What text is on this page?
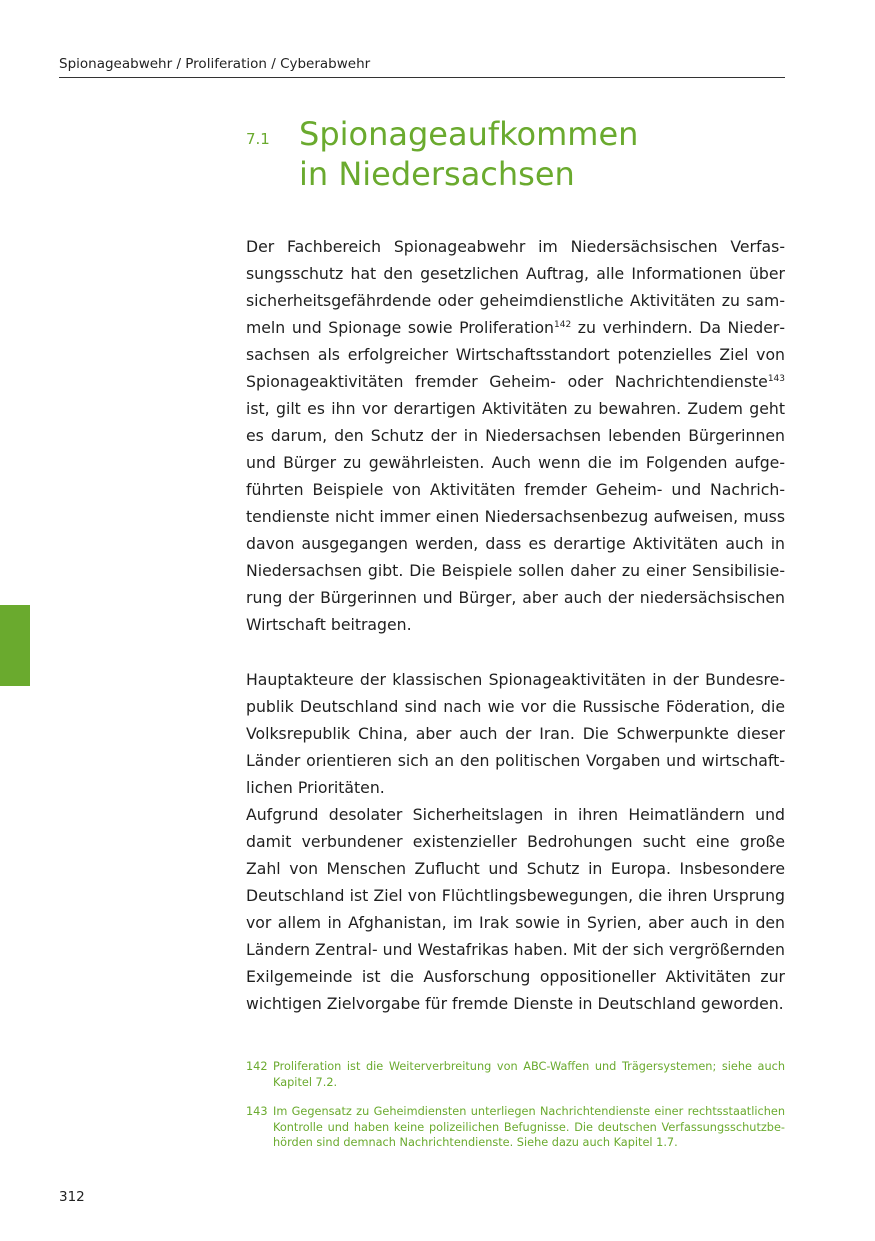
Spionageabwehr / Proliferation / Cyberabwehr
7.1 Spionageaufkommen
in Niedersachsen

Der Fachbereich Spionageabwehr im Niedersächsischen Verfassungsschutz hat den gesetzlichen Auftrag, alle Informationen über sicherheitsgefährdende oder geheimdienstliche Aktivitäten zu sammeln und Spionage sowie Proliferation$^{142}$ zu verhindern. Da Niedersachsen als erfolgreicher Wirtschaftsstandort potenzielles Ziel von Spionageaktivitäten fremder Geheim- oder Nachrichtendienste$^{143}$ ist, gilt es ihn vor derartigen Aktivitäten zu bewahren. Zudem geht es darum, den Schutz der in Niedersachsen lebenden Bürgerinnen und Bürger zu gewährleisten. Auch wenn die im Folgenden aufgeführten Beispiele von Aktivitäten fremder Geheim- und Nachrichtendienste nicht immer einen Niedersachsenbezug aufweisen, muss davon ausgegangen werden, dass es derartige Aktivitäten auch in Niedersachsen gibt. Die Beispiele sollen daher zu einer Sensibilisierung der Bürgerinnen und Bürger, aber auch der niedersächsischen Wirtschaft beitragen.

Hauptakteure der klassischen Spionageaktivitäten in der Bundesrepublik Deutschland sind nach wie vor die Russische Föderation, die Volksrepublik China, aber auch der Iran. Die Schwerpunkte dieser Länder orientieren sich an den politischen Vorgaben und wirtschaftlichen Prioritäten.

Aufgrund desolater Sicherheitslagen in ihren Heimatländern und damit verbundener existenzieller Bedrohungen sucht eine große Zahl von Menschen Zuflucht und Schutz in Europa. Insbesondere Deutschland ist Ziel von Flüchtlingsbewegungen, die ihren Ursprung vor allem in Afghanistan, im Irak sowie in Syrien, aber auch in den Ländern Zentral- und Westafrikas haben. Mit der sich vergrößernden Exilgemeinde ist die Ausforschung oppositioneller Aktivitäten zur wichtigen Zielvorgabe für fremde Dienste in Deutschland geworden.

142 Proliferation ist die Weiterverbreitung von ABC-Waffen und Trägersystemen; siehe auch Kapitel 7.2.
143 Im Gegensatz zu Geheimdiensten unterliegen Nachrichtendienste einer rechtsstaatlichen Kontrolle und haben keine polizeilichen Befugnisse. Die deutschen Verfassungsschutzbehörden sind demnach Nachrichtendienste. Siehe dazu auch Kapitel 1.7.
312
